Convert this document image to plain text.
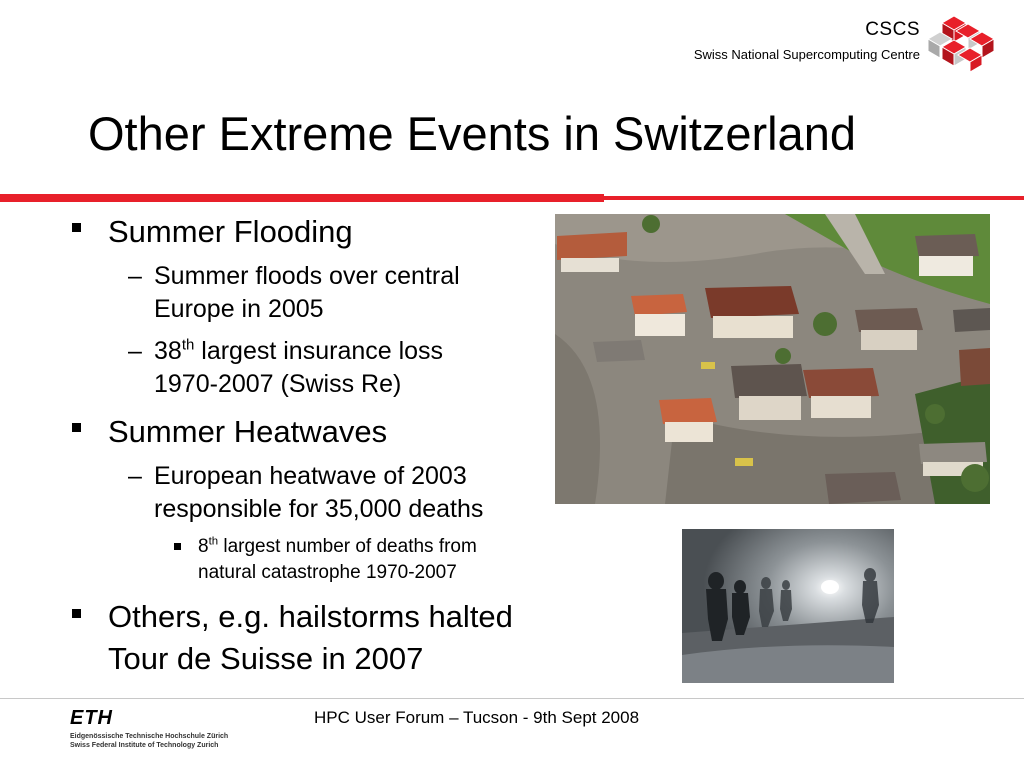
CSCS
Swiss National Supercomputing Centre
Other Extreme Events in Switzerland
Summer Flooding
– Summer floods over central
Europe in 2005
– 38th largest insurance loss
1970-2007 (Swiss Re)
Summer Heatwaves
– European heatwave of 2003
responsible for 35,000 deaths
8th largest number of deaths from
natural catastrophe 1970-2007
Others, e.g. hailstorms halted
Tour de Suisse in 2007
ETH
Eidgenössische Technische Hochschule Zürich
Swiss Federal Institute of Technology Zurich
HPC User Forum – Tucson - 9th Sept 2008
